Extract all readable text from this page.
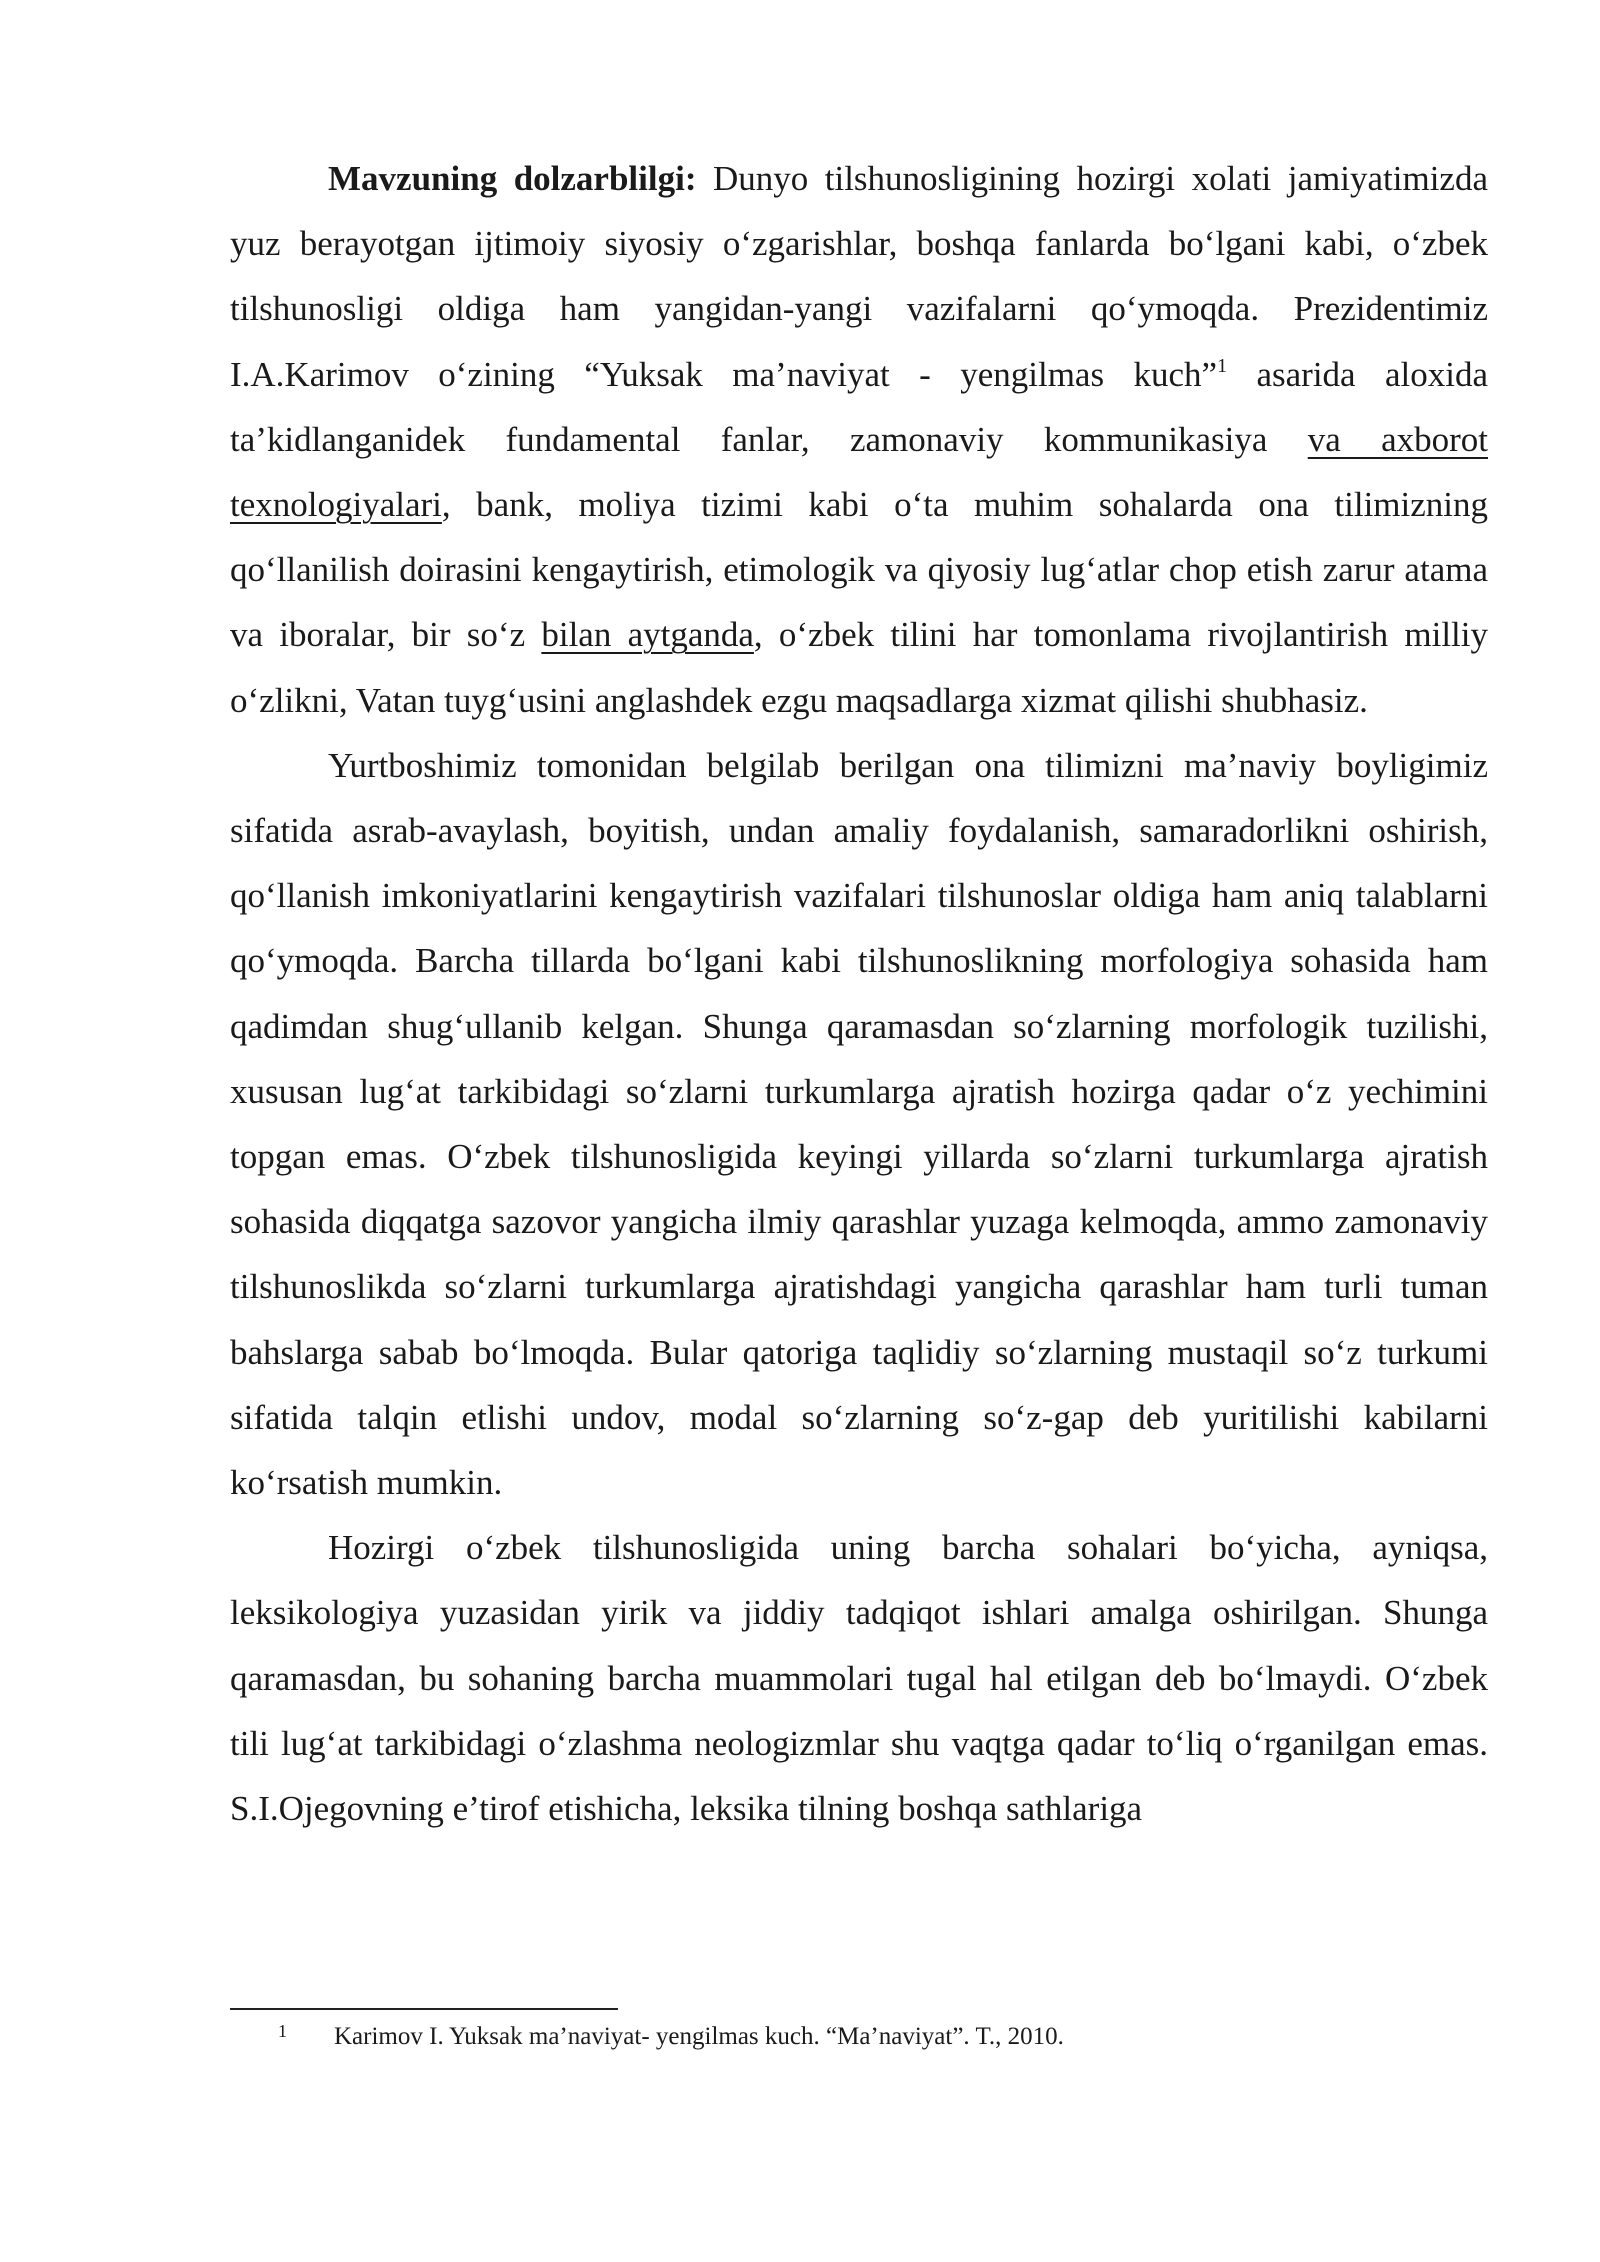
Mavzuning dolzarblilgi: Dunyo tilshunosligining hozirgi xolati jamiyatimizda yuz berayotgan ijtimoiy siyosiy o‘zgarishlar, boshqa fanlarda bo‘lgani kabi, o‘zbek tilshunosligi oldiga ham yangidan-yangi vazifalarni qo‘ymoqda. Prezidentimiz I.A.Karimov o‘zining “Yuksak ma’naviyat - yengilmas kuch”$^1$ asarida aloxida ta’kidlanganidek fundamental fanlar, zamonaviy kommunikasiya va axborot texnologiyalari, bank, moliya tizimi kabi o‘ta muhim sohalarda ona tilimizning qo‘llanilish doirasini kengaytirish, etimologik va qiyosiy lug‘atlar chop etish zarur atama va iboralar, bir so‘z bilan aytganda, o‘zbek tilini har tomonlama rivojlantirish milliy o‘zlikni, Vatan tuyg‘usini anglashdek ezgu maqsadlarga xizmat qilishi shubhasiz.

Yurtboshimiz tomonidan belgilab berilgan ona tilimizni ma’naviy boyligimiz sifatida asrab-avaylash, boyitish, undan amaliy foydalanish, samaradorlikni oshirish, qo‘llanish imkoniyatlarini kengaytirish vazifalari tilshunoslar oldiga ham aniq talablarni qo‘ymoqda. Barcha tillarda bo‘lgani kabi tilshunoslikning morfologiya sohasida ham qadimdan shug‘ullanib kelgan. Shunga qaramasdan so‘zlarning morfologik tuzilishi, xususan lug‘at tarkibidagi so‘zlarni turkumlarga ajratish hozirga qadar o‘z yechimini topgan emas. O‘zbek tilshunosligida keyingi yillarda so‘zlarni turkumlarga ajratish sohasida diqqatga sazovor yangicha ilmiy qarashlar yuzaga kelmoqda, ammo zamonaviy tilshunoslikda so‘zlarni turkumlarga ajratishdagi yangicha qarashlar ham turli tuman bahslarga sabab bo‘lmoqda. Bular qatoriga taqlidiy so‘zlarning mustaqil so‘z turkumi sifatida talqin etlishi undov, modal so‘zlarning so‘z-gap deb yuritilishi kabilarni ko‘rsatish mumkin.

Hozirgi o‘zbek tilshunosligida uning barcha sohalari bo‘yicha, ayniqsa, leksikologiya yuzasidan yirik va jiddiy tadqiqot ishlari amalga oshirilgan. Shunga qaramasdan, bu sohaning barcha muammolari tugal hal etilgan deb bo‘lmaydi. O‘zbek tili lug‘at tarkibidagi o‘zlashma neologizmlar shu vaqtga qadar to‘liq o‘rganilgan emas. S.I.Ojegovning e’tirof etishicha, leksika tilning boshqa sathlariga

1 Karimov I. Yuksak ma’naviyat- yengilmas kuch. “Ma’naviyat”. T., 2010.
